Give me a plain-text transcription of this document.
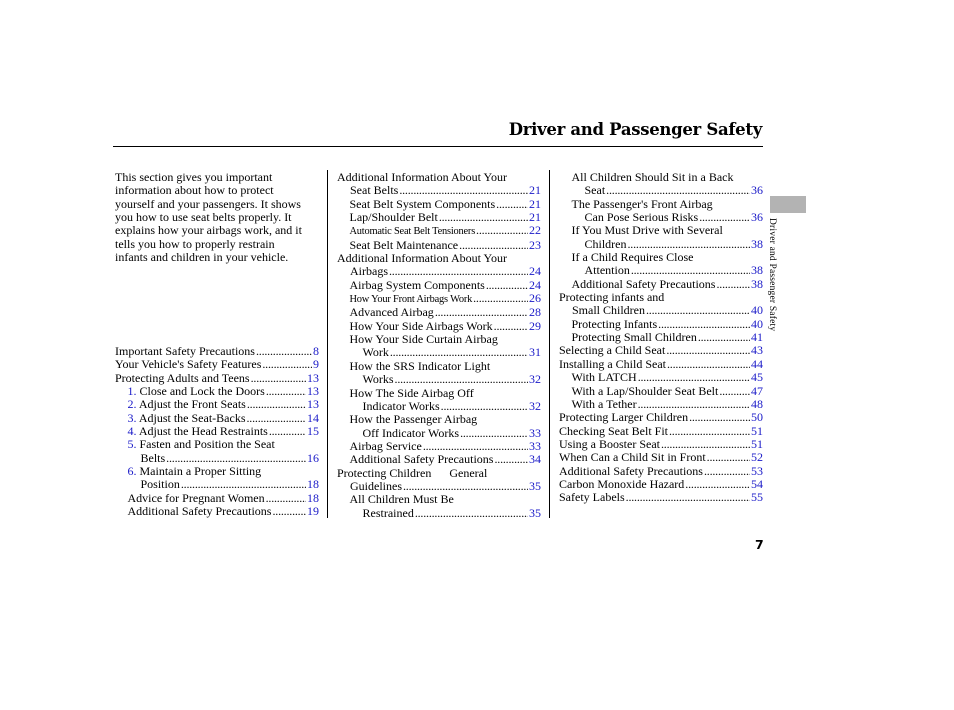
Driver and Passenger Safety

This section gives you important information about how to protect yourself and your passengers. It shows you how to use seat belts properly. It explains how your airbags work, and it tells you how to properly restrain infants and children in your vehicle.

Important Safety Precautions .....	8
Your Vehicle's Safety Features .....	9
Protecting Adults and Teens .....	13
1. Close and Lock the Doors .....	13
2. Adjust the Front Seats .....	13
3. Adjust the Seat-Backs .....	14
4. Adjust the Head Restraints .....	15
5. Fasten and Position the Seat
Belts .....	16
6. Maintain a Proper Sitting
Position .....	18
Advice for Pregnant Women .....	18
Additional Safety Precautions .....	19
Additional Information About Your
Seat Belts .....	21
Seat Belt System Components .....	21
Lap/Shoulder Belt .....	21
Automatic Seat Belt Tensioners .....	22
Seat Belt Maintenance .....	23
Additional Information About Your
Airbags .....	24
Airbag System Components .....	24
How Your Front Airbags Work .....	26
Advanced Airbag .....	28
How Your Side Airbags Work .....	29
How Your Side Curtain Airbag
Work .....	31
How the SRS Indicator Light
Works .....	32
How The Side Airbag Off
Indicator Works .....	32
How the Passenger Airbag
Off Indicator Works .....	33
Airbag Service .....	33
Additional Safety Precautions .....	34
Protecting Children General
Guidelines .....	35
All Children Must Be
Restrained .....	35
All Children Should Sit in a Back
Seat .....	36
The Passenger's Front Airbag
Can Pose Serious Risks .....	36
If You Must Drive with Several
Children .....	38
If a Child Requires Close
Attention .....	38
Additional Safety Precautions .....	38
Protecting infants and
Small Children .....	40
Protecting Infants .....	40
Protecting Small Children .....	41
Selecting a Child Seat .....	43
Installing a Child Seat .....	44
With LATCH .....	45
With a Lap/Shoulder Seat Belt .....	47
With a Tether .....	48
Protecting Larger Children .....	50
Checking Seat Belt Fit .....	51
Using a Booster Seat .....	51
When Can a Child Sit in Front .....	52
Additional Safety Precautions .....	53
Carbon Monoxide Hazard .....	54
Safety Labels .....	55
Driver and Passenger Safety
7
